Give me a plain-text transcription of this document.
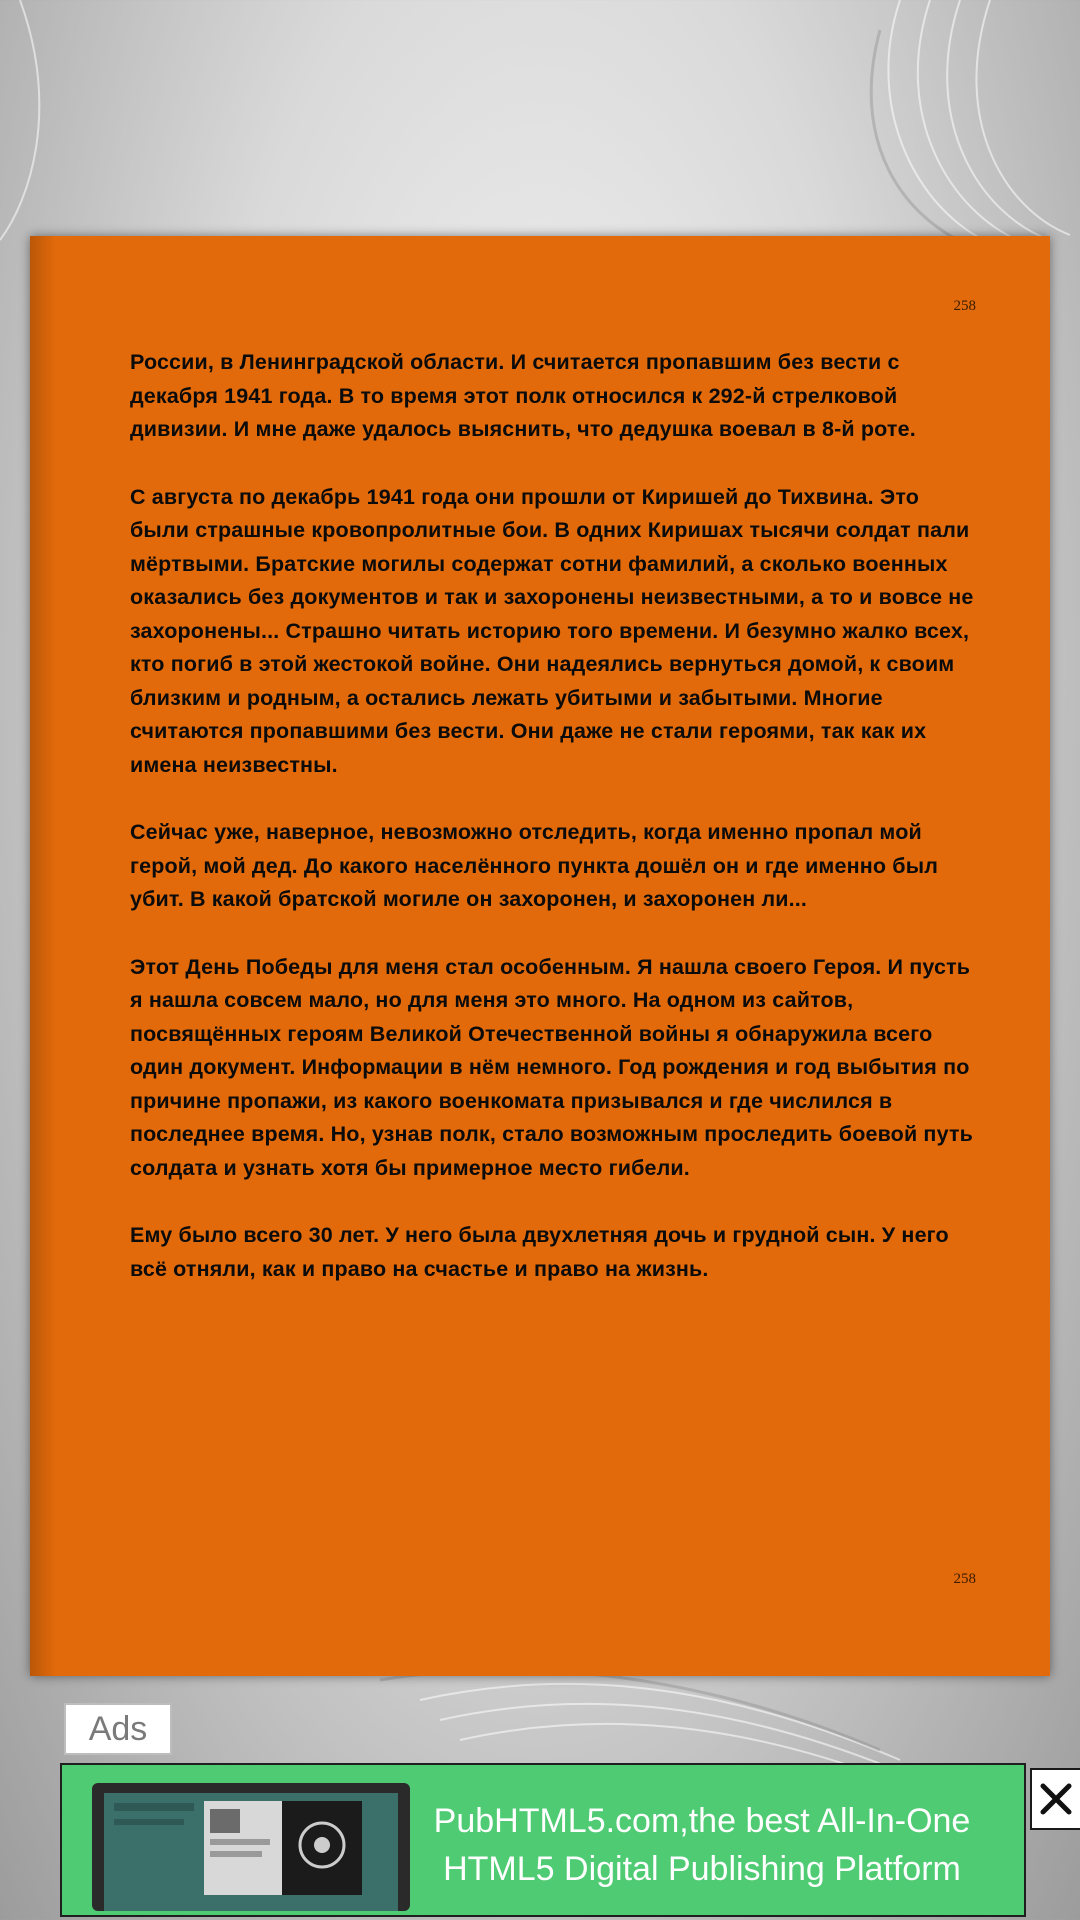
258

России, в Ленинградской области. И считается пропавшим без вести с декабря 1941 года. В то время этот полк относился к 292-й стрелковой дивизии. И мне даже удалось выяснить, что дедушка воевал в 8-й роте.

С августа по декабрь 1941 года они прошли от Киришей до Тихвина. Это были страшные кровопролитные бои. В одних Киришах тысячи солдат пали мёртвыми. Братские могилы содержат сотни фамилий, а сколько военных оказались без документов и так и захоронены неизвестными, а то и вовсе не захоронены... Страшно читать историю того времени. И безумно жалко всех, кто погиб в этой жестокой войне. Они надеялись вернуться домой, к своим близким и родным, а остались лежать убитыми и забытыми. Многие считаются пропавшими без вести. Они даже не стали героями, так как их имена неизвестны.

Сейчас уже, наверное, невозможно отследить, когда именно пропал мой герой, мой дед. До какого населённого пункта дошёл он и где именно был убит. В какой братской могиле он захоронен, и захоронен ли...

Этот День Победы для меня стал особенным. Я нашла своего Героя. И пусть я нашла совсем мало, но для меня это много. На одном из сайтов, посвящённых героям Великой Отечественной войны я обнаружила всего один документ. Информации в нём немного. Год рождения и год выбытия по причине пропажи, из какого военкомата призывался и где числился в последнее время. Но, узнав полк, стало возможным проследить боевой путь солдата и узнать хотя бы примерное место гибели.

Ему было всего 30 лет. У него была двухлетняя дочь и грудной сын. У него всё отняли, как и право на счастье и право на жизнь.

258
Ads
PubHTML5.com,the best All-In-One
HTML5 Digital Publishing Platform
